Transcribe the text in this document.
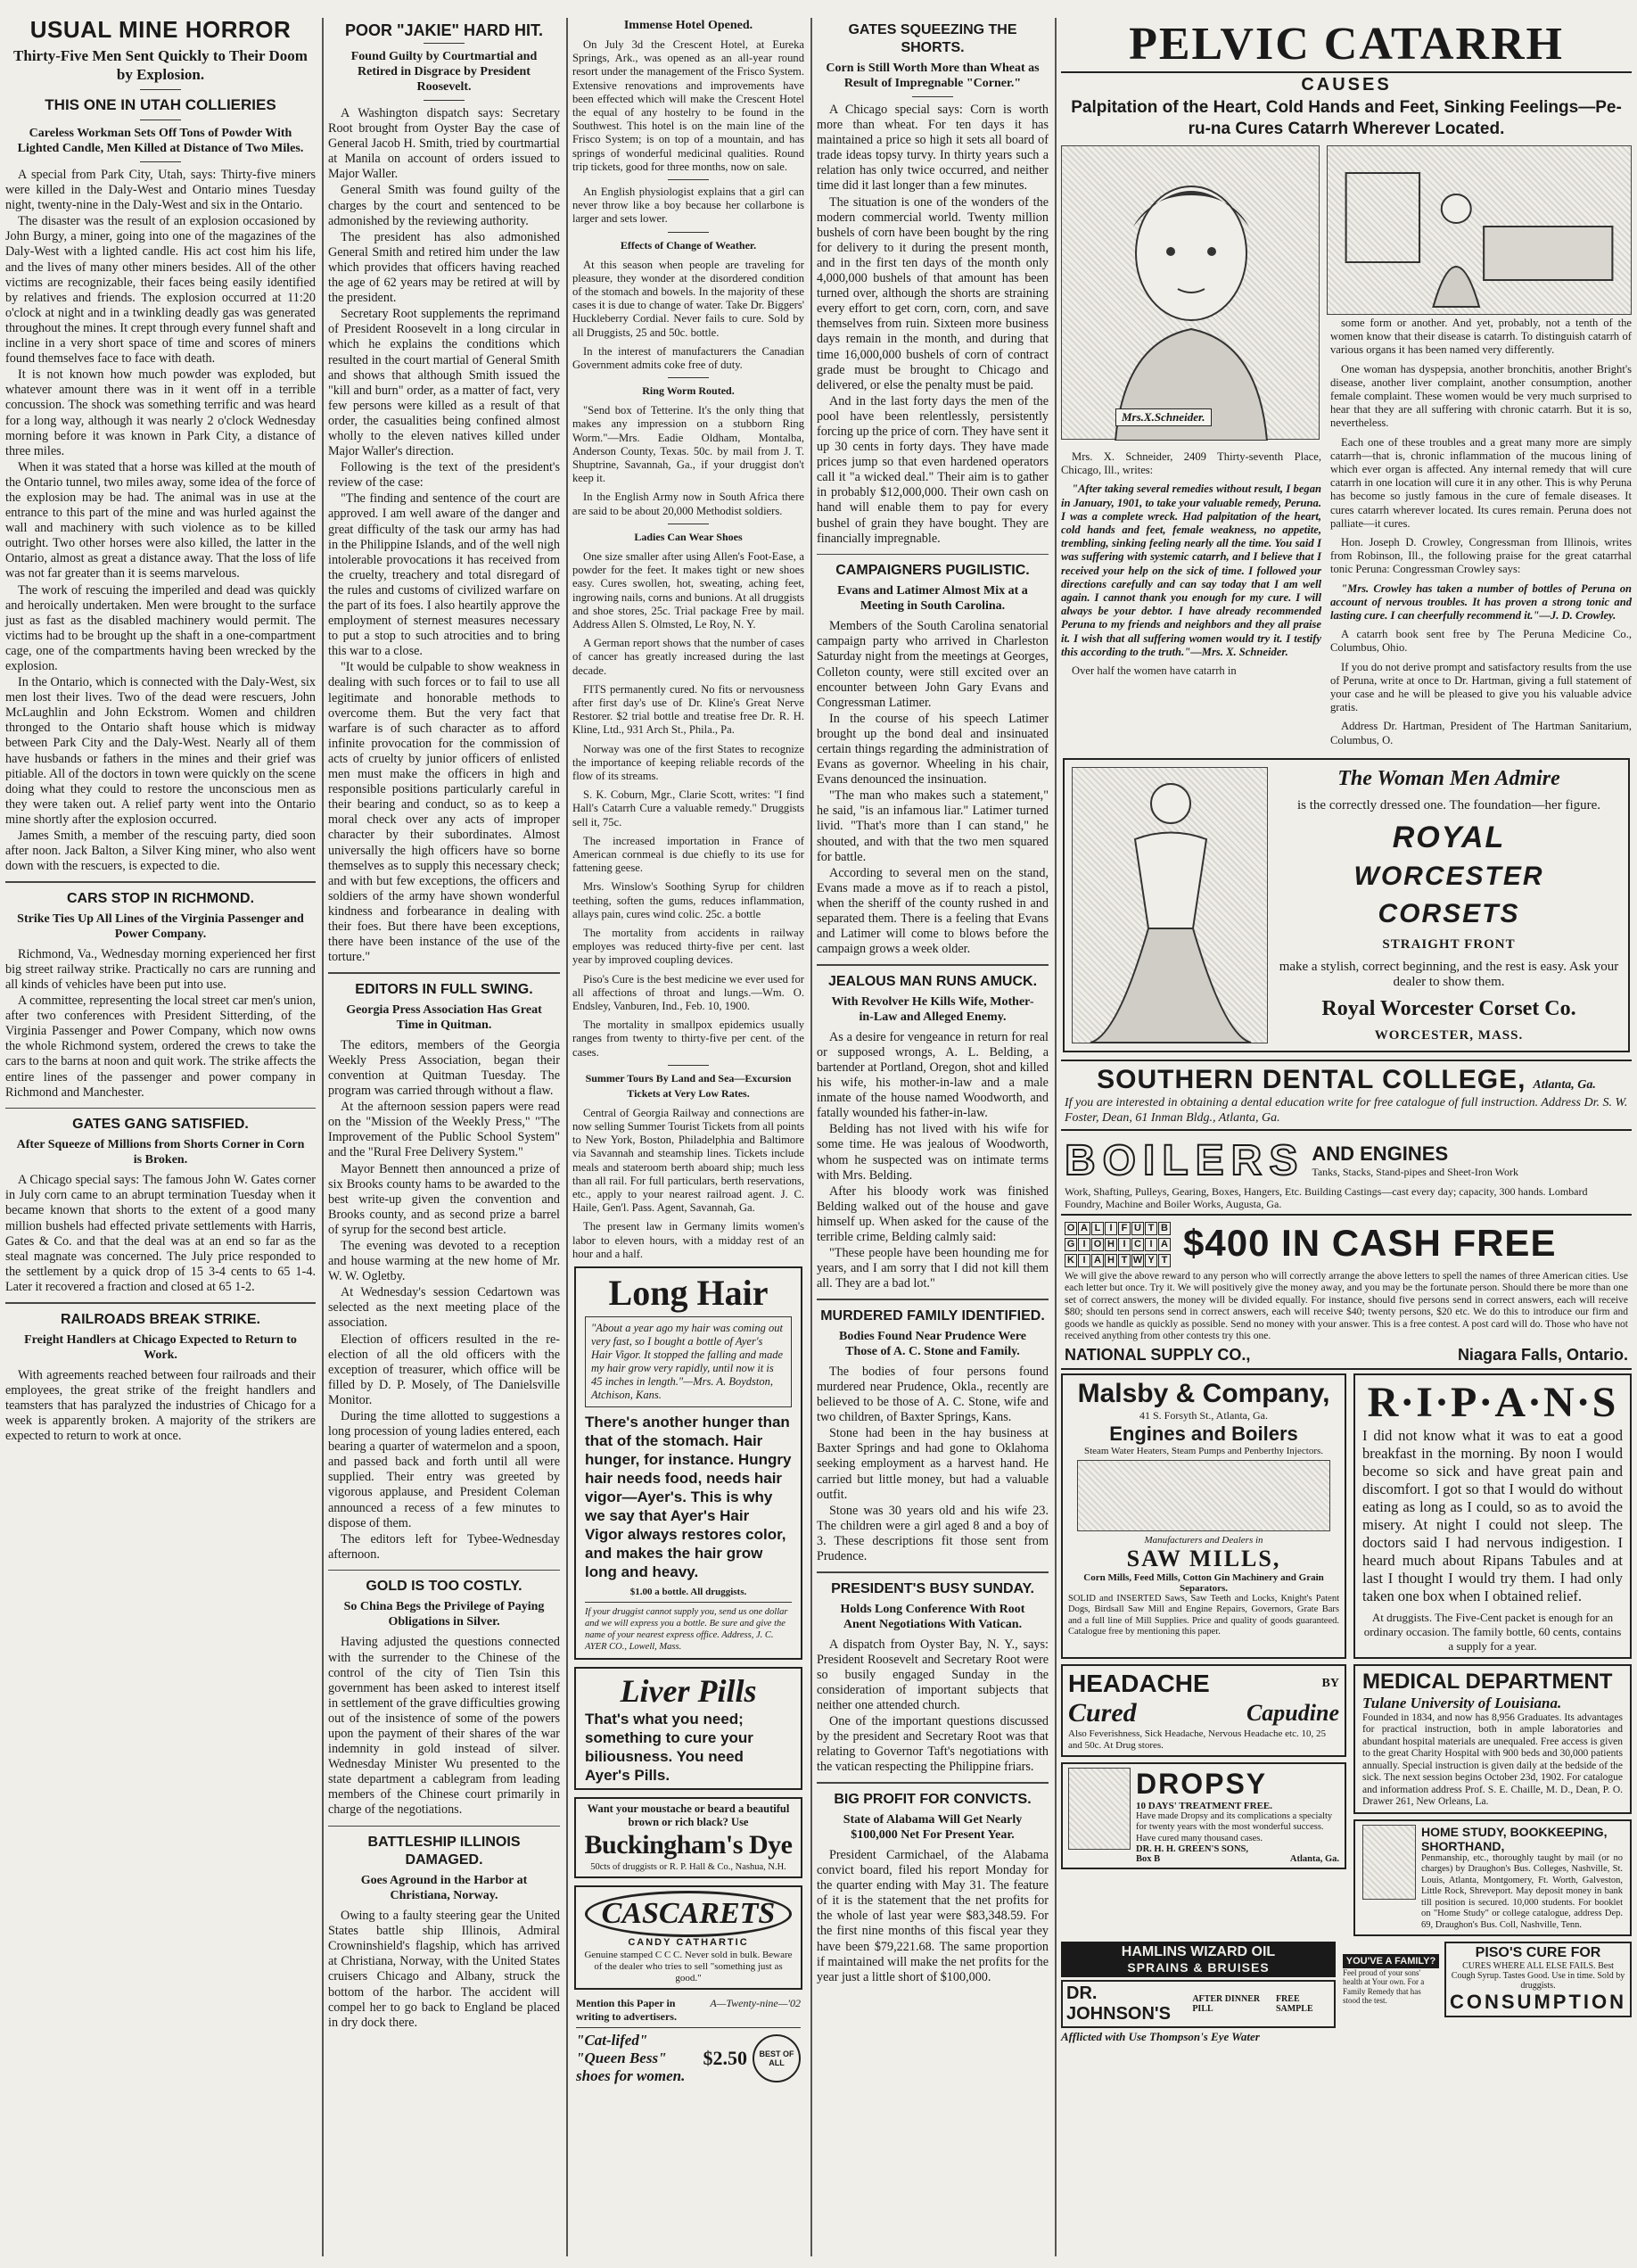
USUAL MINE HORROR
Thirty-Five Men Sent Quickly to Their Doom by Explosion.
THIS ONE IN UTAH COLLIERIES
Careless Workman Sets Off Tons of Powder With Lighted Candle, Men Killed at Distance of Two Miles.

A special from Park City, Utah, says: Thirty-five miners were killed in the Daly-West and Ontario mines Tuesday night, twenty-nine in the Daly-West and six in the Ontario.

The disaster was the result of an explosion occasioned by John Burgy, a miner, going into one of the magazines of the Daly-West with a lighted candle. His act cost him his life, and the lives of many other miners besides. All of the other victims are recognizable, their faces being easily identified by relatives and friends. The explosion occurred at 11:20 o'clock at night and in a twinkling deadly gas was generated throughout the mines. It crept through every funnel shaft and incline in a very short space of time and scores of miners found themselves face to face with death.

It is not known how much powder was exploded, but whatever amount there was in it went off in a terrible concussion. The shock was something terrific and was heard for a long way, although it was nearly 2 o'clock Wednesday morning before it was known in Park City, a distance of three miles.

When it was stated that a horse was killed at the mouth of the Ontario tunnel, two miles away, some idea of the force of the explosion may be had. The animal was in use at the entrance to this part of the mine and was hurled against the wall and machinery with such violence as to be killed outright. Two other horses were also killed, the latter in the Ontario, almost as great a distance away. That the loss of life was not far greater than it is seems marvelous.

The work of rescuing the imperiled and dead was quickly and heroically undertaken. Men were brought to the surface just as fast as the disabled machinery would permit. The victims had to be brought up the shaft in a one-compartment cage, one of the compartments having been wrecked by the explosion.

In the Ontario, which is connected with the Daly-West, six men lost their lives. Two of the dead were rescuers, John McLaughlin and John Eckstrom. Women and children thronged to the Ontario shaft house which is midway between Park City and the Daly-West. Nearly all of them have husbands or fathers in the mines and their grief was pitiable. All of the doctors in town were quickly on the scene doing what they could to restore the unconscious men as they were taken out. A relief party went into the Ontario mine shortly after the explosion occurred.

James Smith, a member of the rescuing party, died soon after noon. Jack Balton, a Silver King miner, who also went down with the rescuers, is expected to die.

CARS STOP IN RICHMOND.
Strike Ties Up All Lines of the Virginia Passenger and Power Company.

Richmond, Va., Wednesday morning experienced her first big street railway strike. Practically no cars are running and all kinds of vehicles have been put into use.

A committee, representing the local street car men's union, after two conferences with President Sitterding, of the Virginia Passenger and Power Company, which now owns the whole Richmond system, ordered the crews to take the cars to the barns at noon and quit work. The strike affects the entire lines of the passenger and power company in Richmond and Manchester.

GATES GANG SATISFIED.
After Squeeze of Millions from Shorts Corner in Corn is Broken.

A Chicago special says: The famous John W. Gates corner in July corn came to an abrupt termination Tuesday when it became known that shorts to the extent of a good many million bushels had effected private settlements with Harris, Gates & Co. and that the deal was at an end so far as the steal magnate was concerned. The July price responded to the settlement by a quick drop of 15 3-4 cents to 65 1-4. Later it recovered a fraction and closed at 65 1-2.

RAILROADS BREAK STRIKE.
Freight Handlers at Chicago Expected to Return to Work.

With agreements reached between four railroads and their employees, the great strike of the freight handlers and teamsters that has paralyzed the industries of Chicago for a week is apparently broken. A majority of the strikers are expected to return to work at once.

POOR "JAKIE" HARD HIT.
Found Guilty by Courtmartial and Retired in Disgrace by President Roosevelt.

A Washington dispatch says: Secretary Root brought from Oyster Bay the case of General Jacob H. Smith, tried by courtmartial at Manila on account of orders issued to Major Waller.

General Smith was found guilty of the charges by the court and sentenced to be admonished by the reviewing authority.

The president has also admonished General Smith and retired him under the law which provides that officers having reached the age of 62 years may be retired at will by the president.

Secretary Root supplements the reprimand of President Roosevelt in a long circular in which he explains the conditions which resulted in the court martial of General Smith and shows that although Smith issued the "kill and burn" order, as a matter of fact, very few persons were killed as a result of that order, the casualities being confined almost wholly to the eleven natives killed under Major Waller's direction.

Following is the text of the president's review of the case:

"The finding and sentence of the court are approved. I am well aware of the danger and great difficulty of the task our army has had in the Philippine Islands, and of the well nigh intolerable provocations it has received from the cruelty, treachery and total disregard of the rules and customs of civilized warfare on the part of its foes. I also heartily approve the employment of sternest measures necessary to put a stop to such atrocities and to bring this war to a close.

"It would be culpable to show weakness in dealing with such forces or to fail to use all legitimate and honorable methods to overcome them. But the very fact that warfare is of such character as to afford infinite provocation for the commission of acts of cruelty by junior officers of enlisted men must make the officers in high and responsible positions particularly careful in their bearing and conduct, so as to keep a moral check over any acts of improper character by their subordinates. Almost universally the high officers have so borne themselves as to supply this necessary check; and with but few exceptions, the officers and soldiers of the army have shown wonderful kindness and forbearance in dealing with their foes. But there have been exceptions, there have been instance of the use of the torture."

EDITORS IN FULL SWING.
Georgia Press Association Has Great Time in Quitman.

The editors, members of the Georgia Weekly Press Association, began their convention at Quitman Tuesday. The program was carried through without a flaw.

At the afternoon session papers were read on the "Mission of the Weekly Press," "The Improvement of the Public School System" and the "Rural Free Delivery System."

Mayor Bennett then announced a prize of six Brooks county hams to be awarded to the best write-up given the convention and Brooks county, and as second prize a barrel of syrup for the second best article.

The evening was devoted to a reception and house warming at the new home of Mr. W. W. Ogletby.

At Wednesday's session Cedartown was selected as the next meeting place of the association.

Election of officers resulted in the re-election of all the old officers with the exception of treasurer, which office will be filled by D. P. Mosely, of The Danielsville Monitor.

During the time allotted to suggestions a long procession of young ladies entered, each bearing a quarter of watermelon and a spoon, and passed back and forth until all were supplied. Their entry was greeted by vigorous applause, and President Coleman announced a recess of a few minutes to dispose of them.

The editors left for Tybee-Wednesday afternoon.

GOLD IS TOO COSTLY.
So China Begs the Privilege of Paying Obligations in Silver.

Having adjusted the questions connected with the surrender to the Chinese of the control of the city of Tien Tsin this government has been asked to interest itself in settlement of the grave difficulties growing out of the insistence of some of the powers upon the payment of their shares of the war indemnity in gold instead of silver. Wednesday Minister Wu presented to the state department a cablegram from leading members of the Chinese court primarily in charge of the negotiations.

BATTLESHIP ILLINOIS DAMAGED.
Goes Aground in the Harbor at Christiana, Norway.

Owing to a faulty steering gear the United States battle ship Illinois, Admiral Crowninshield's flagship, which has arrived at Christiana, Norway, with the United States cruisers Chicago and Albany, struck the bottom of the harbor. The accident will compel her to go back to England be placed in dry dock there.

Immense Hotel Opened.

On July 3d the Crescent Hotel, at Eureka Springs, Ark., was opened as an all-year round resort under the management of the Frisco System. Extensive renovations and improvements have been effected which will make the Crescent Hotel the equal of any hostelry to be found in the Southwest. This hotel is on the main line of the Frisco System; is on top of a mountain, and has springs of wonderful medicinal qualities. Round trip tickets, good for three months, now on sale.

An English physiologist explains that a girl can never throw like a boy because her collarbone is larger and sets lower.

Effects of Change of Weather.

At this season when people are traveling for pleasure, they wonder at the disordered condition of the stomach and bowels. In the majority of these cases it is due to change of water. Take Dr. Biggers' Huckleberry Cordial. Never fails to cure. Sold by all Druggists, 25 and 50c. bottle.

In the interest of manufacturers the Canadian Government admits coke free of duty.

Ring Worm Routed.

"Send box of Tetterine. It's the only thing that makes any impression on a stubborn Ring Worm."—Mrs. Eadie Oldham, Montalba, Anderson County, Texas. 50c. by mail from J. T. Shuptrine, Savannah, Ga., if your druggist don't keep it.

In the English Army now in South Africa there are said to be about 20,000 Methodist soldiers.

Ladies Can Wear Shoes

One size smaller after using Allen's Foot-Ease, a powder for the feet. It makes tight or new shoes easy. Cures swollen, hot, sweating, aching feet, ingrowing nails, corns and bunions. At all druggists and shoe stores, 25c. Trial package Free by mail. Address Allen S. Olmsted, Le Roy, N. Y.

A German report shows that the number of cases of cancer has greatly increased during the last decade.

FITS permanently cured. No fits or nervousness after first day's use of Dr. Kline's Great Nerve Restorer. $2 trial bottle and treatise free Dr. R. H. Kline, Ltd., 931 Arch St., Phila., Pa.

Norway was one of the first States to recognize the importance of keeping reliable records of the flow of its streams.

S. K. Coburn, Mgr., Clarie Scott, writes: "I find Hall's Catarrh Cure a valuable remedy." Druggists sell it, 75c.

The increased importation in France of American cornmeal is due chiefly to its use for fattening geese.

Mrs. Winslow's Soothing Syrup for children teething, soften the gums, reduces inflammation, allays pain, cures wind colic. 25c. a bottle

The mortality from accidents in railway employes was reduced thirty-five per cent. last year by improved coupling devices.

Piso's Cure is the best medicine we ever used for all affections of throat and lungs.—Wm. O. Endsley, Vanburen, Ind., Feb. 10, 1900.

The mortality in smallpox epidemics usually ranges from twenty to thirty-five per cent. of the cases.

Summer Tours By Land and Sea—Excursion Tickets at Very Low Rates.

Central of Georgia Railway and connections are now selling Summer Tourist Tickets from all points to New York, Boston, Philadelphia and Baltimore via Savannah and steamship lines. Tickets include meals and stateroom berth aboard ship; much less than all rail. For full particulars, berth reservations, etc., apply to your nearest railroad agent. J. C. Haile, Gen'l. Pass. Agent, Savannah, Ga.

The present law in Germany limits women's labor to eleven hours, with a midday rest of an hour and a half.

Long Hair
"About a year ago my hair was coming out very fast, so I bought a bottle of Ayer's Hair Vigor. It stopped the falling and made my hair grow very rapidly, until now it is 45 inches in length."—Mrs. A. Boydston, Atchison, Kans.
There's another hunger than that of the stomach. Hair hunger, for instance. Hungry hair needs food, needs hair vigor—Ayer's. This is why we say that Ayer's Hair Vigor always restores color, and makes the hair grow long and heavy.
$1.00 a bottle. All druggists.
If your druggist cannot supply you, send us one dollar and we will express you a bottle. Be sure and give the name of your nearest express office. Address, J. C. AYER CO., Lowell, Mass.
Liver Pills
That's what you need; something to cure your biliousness. You need Ayer's Pills.
Want your moustache or beard a beautiful brown or rich black? Use
Buckingham's Dye
50cts of druggists or R. P. Hall & Co., Nashua, N.H.
CASCARETS
CANDY CATHARTIC
Genuine stamped C C C. Never sold in bulk. Beware of the dealer who tries to sell "something just as good."
Mention this Paper in writing to advertisers.
A—Twenty-nine—'02
"Cat-lifed" "Queen Bess" shoes for women.
$2.50	BEST OF ALL
GATES SQUEEZING THE SHORTS.
Corn is Still Worth More than Wheat as Result of Impregnable "Corner."

A Chicago special says: Corn is worth more than wheat. For ten days it has maintained a price so high it sets all board of trade ideas topsy turvy. In thirty years such a relation has only twice occurred, and neither time did it last longer than a few minutes.

The situation is one of the wonders of the modern commercial world. Twenty million bushels of corn have been bought by the ring for delivery to it during the present month, and in the first ten days of the month only 4,000,000 bushels of that amount has been turned over, although the shorts are straining every effort to get corn, corn, corn, and save themselves from ruin. Sixteen more business days remain in the month, and during that time 16,000,000 bushels of corn of contract grade must be brought to Chicago and delivered, or else the penalty must be paid.

And in the last forty days the men of the pool have been relentlessly, persistently forcing up the price of corn. They have sent it up 30 cents in forty days. They have made prices jump so that even hardened operators call it "a wicked deal." Their aim is to gather in probably $12,000,000. Their own cash on hand will enable them to pay for every bushel of grain they have bought. They are financially impregnable.

CAMPAIGNERS PUGILISTIC.
Evans and Latimer Almost Mix at a Meeting in South Carolina.

Members of the South Carolina senatorial campaign party who arrived in Charleston Saturday night from the meetings at Georges, Colleton county, were still excited over an encounter between John Gary Evans and Congressman Latimer.

In the course of his speech Latimer brought up the bond deal and insinuated certain things regarding the administration of Evans as governor. Wheeling in his chair, Evans denounced the insinuation.

"The man who makes such a statement," he said, "is an infamous liar." Latimer turned livid. "That's more than I can stand," he shouted, and with that the two men squared for battle.

According to several men on the stand, Evans made a move as if to reach a pistol, when the sheriff of the county rushed in and separated them. There is a feeling that Evans and Latimer will come to blows before the campaign grows a week older.

JEALOUS MAN RUNS AMUCK.
With Revolver He Kills Wife, Mother-in-Law and Alleged Enemy.

As a desire for vengeance in return for real or supposed wrongs, A. L. Belding, a bartender at Portland, Oregon, shot and killed his wife, his mother-in-law and a male inmate of the house named Woodworth, and fatally wounded his father-in-law.

Belding has not lived with his wife for some time. He was jealous of Woodworth, whom he suspected was on intimate terms with Mrs. Belding.

After his bloody work was finished Belding walked out of the house and gave himself up. When asked for the cause of the terrible crime, Belding calmly said:

"These people have been hounding me for years, and I am sorry that I did not kill them all. They are a bad lot."

MURDERED FAMILY IDENTIFIED.
Bodies Found Near Prudence Were Those of A. C. Stone and Family.

The bodies of four persons found murdered near Prudence, Okla., recently are believed to be those of A. C. Stone, wife and two children, of Baxter Springs, Kans.

Stone had been in the hay business at Baxter Springs and had gone to Oklahoma seeking employment as a harvest hand. He carried but little money, but had a valuable outfit.

Stone was 30 years old and his wife 23. The children were a girl aged 8 and a boy of 3. These descriptions fit those sent from Prudence.

PRESIDENT'S BUSY SUNDAY.
Holds Long Conference With Root Anent Negotiations With Vatican.

A dispatch from Oyster Bay, N. Y., says: President Roosevelt and Secretary Root were so busily engaged Sunday in the consideration of important subjects that neither one attended church.

One of the important questions discussed by the president and Secretary Root was that relating to Governor Taft's negotiations with the vatican respecting the Philippine friars.

BIG PROFIT FOR CONVICTS.
State of Alabama Will Get Nearly $100,000 Net For Present Year.

President Carmichael, of the Alabama convict board, filed his report Monday for the quarter ending with May 31. The feature of it is the statement that the net profits for the whole of last year were $83,348.59. For the first nine months of this fiscal year they have been $79,221.68. The same proportion if maintained will make the net profits for the year just a little short of $100,000.

PELVIC CATARRH
CAUSES
Palpitation of the Heart, Cold Hands and Feet, Sinking Feelings—Pe-ru-na Cures Catarrh Wherever Located.
Mrs.X.Schneider.

Mrs. X. Schneider, 2409 Thirty-seventh Place, Chicago, Ill., writes:

"After taking several remedies without result, I began in January, 1901, to take your valuable remedy, Peruna. I was a complete wreck. Had palpitation of the heart, cold hands and feet, female weakness, no appetite, trembling, sinking feeling nearly all the time. You said I was suffering with systemic catarrh, and I believe that I received your help on the sick of time. I followed your directions carefully and can say today that I am well again. I cannot thank you enough for my cure. I will always be your debtor. I have already recommended Peruna to my friends and neighbors and they all praise it. I wish that all suffering women would try it. I testify this according to the truth."—Mrs. X. Schneider.

Over half the women have catarrh in

some form or another. And yet, probably, not a tenth of the women know that their disease is catarrh. To distinguish catarrh of various organs it has been named very differently.

One woman has dyspepsia, another bronchitis, another Bright's disease, another liver complaint, another consumption, another female complaint. These women would be very much surprised to hear that they are all suffering with chronic catarrh. But it is so, nevertheless.

Each one of these troubles and a great many more are simply catarrh—that is, chronic inflammation of the mucous lining of which ever organ is affected. Any internal remedy that will cure catarrh in one location will cure it in any other. This is why Peruna has become so justly famous in the cure of female diseases. It cures catarrh wherever located. Its cures remain. Peruna does not palliate—it cures.

Hon. Joseph D. Crowley, Congressman from Illinois, writes from Robinson, Ill., the following praise for the great catarrhal tonic Peruna: Congressman Crowley says:

"Mrs. Crowley has taken a number of bottles of Peruna on account of nervous troubles. It has proven a strong tonic and lasting cure. I can cheerfully recommend it."—J. D. Crowley.

A catarrh book sent free by The Peruna Medicine Co., Columbus, Ohio.

If you do not derive prompt and satisfactory results from the use of Peruna, write at once to Dr. Hartman, giving a full statement of your case and he will be pleased to give you his valuable advice gratis.

Address Dr. Hartman, President of The Hartman Sanitarium, Columbus, O.

The Woman Men Admire
is the correctly dressed one. The foundation—her figure.
ROYAL
WORCESTER
CORSETS
STRAIGHT FRONT
make a stylish, correct beginning, and the rest is easy. Ask your dealer to show them.
Royal Worcester Corset Co.
WORCESTER, MASS.
SOUTHERN DENTAL COLLEGE, Atlanta, Ga.
If you are interested in obtaining a dental education write for free catalogue of full instruction. Address Dr. S. W. Foster, Dean, 61 Inman Bldg., Atlanta, Ga.
BOILERS AND ENGINES
Tanks, Stacks, Stand-pipes and Sheet-Iron Work
Work, Shafting, Pulleys, Gearing, Boxes, Hangers, Etc. Building Castings—cast every day; capacity, 300 hands. Lombard Foundry, Machine and Boiler Works, Augusta, Ga.
O A L I F U T B

G I O H I C I A

K I A H T W Y T $400 IN CASH FREE
We will give the above reward to any person who will correctly arrange the above letters to spell the names of three American cities. Use each letter but once. Try it. We will positively give the money away, and you may be the fortunate person. Should there be more than one set of correct answers, the money will be divided equally. For instance, should five persons send in correct answers, each will receive $80; should ten persons send in correct answers, each will receive $40; twenty persons, $20 etc. We do this to introduce our firm and goods we handle as quickly as possible. Send no money with your answer. This is a free contest. A post card will do. Those who have not received anything from other contests try this one.
NATIONAL SUPPLY CO.,	Niagara Falls, Ontario.
Malsby & Company,
41 S. Forsyth St., Atlanta, Ga.
Engines and Boilers
Steam Water Heaters, Steam Pumps and Penberthy Injectors.
Manufacturers and Dealers in
SAW MILLS,
Corn Mills, Feed Mills, Cotton Gin Machinery and Grain Separators.
SOLID and INSERTED Saws, Saw Teeth and Locks, Knight's Patent Dogs, Birdsall Saw Mill and Engine Repairs, Governors, Grate Bars and a full line of Mill Supplies. Price and quality of goods guaranteed. Catalogue free by mentioning this paper.
R·I·P·A·N·S
I did not know what it was to eat a good breakfast in the morning. By noon I would become so sick and have great pain and discomfort. I got so that I would do without eating as long as I could, so as to avoid the misery. At night I could not sleep. The doctors said I had nervous indigestion. I heard much about Ripans Tabules and at last I thought I would try them. I had only taken one box when I obtained relief.
At druggists. The Five-Cent packet is enough for an ordinary occasion. The family bottle, 60 cents, contains a supply for a year.
HEADACHE	BY
Cured	Capudine
Also Feverishness, Sick Headache, Nervous Headache etc. 10, 25 and 50c. At Drug stores.
DROPSY
10 DAYS' TREATMENT FREE.
Have made Dropsy and its complications a specialty for twenty years with the most wonderful success. Have cured many thousand cases.
DR. H. H. GREEN'S SONS,
Box B	Atlanta, Ga.
MEDICAL DEPARTMENT
Tulane University of Louisiana.
Founded in 1834, and now has 8,956 Graduates. Its advantages for practical instruction, both in ample laboratories and abundant hospital materials are unequaled. Free access is given to the great Charity Hospital with 900 beds and 30,000 patients annually. Special instruction is given daily at the bedside of the sick. The next session begins October 23d, 1902. For catalogue and information address Prof. S. E. Chaille, M. D., Dean, P. O. Drawer 261, New Orleans, La.
HOME STUDY, BOOKKEEPING, SHORTHAND,
Penmanship, etc., thoroughly taught by mail (or no charges) by Draughon's Bus. Colleges, Nashville, St. Louis, Atlanta, Montgomery, Ft. Worth, Galveston, Little Rock, Shreveport. May deposit money in bank till position is secured. 10,000 students. For booklet on "Home Study" or college catalogue, address Dep. 69, Draughon's Bus. Coll, Nashville, Tenn.
HAMLINS WIZARD OIL
SPRAINS & BRUISES
DR. JOHNSON'S
AFTER DINNER PILL
FREE SAMPLE
Afflicted with Use Thompson's Eye Water
YOU'VE A FAMILY?
Feel proud of your sons' health at Your own. For a Family Remedy that has stood the test.
PISO'S CURE FOR
CURES WHERE ALL ELSE FAILS. Best Cough Syrup. Tastes Good. Use in time. Sold by druggists.
CONSUMPTION
